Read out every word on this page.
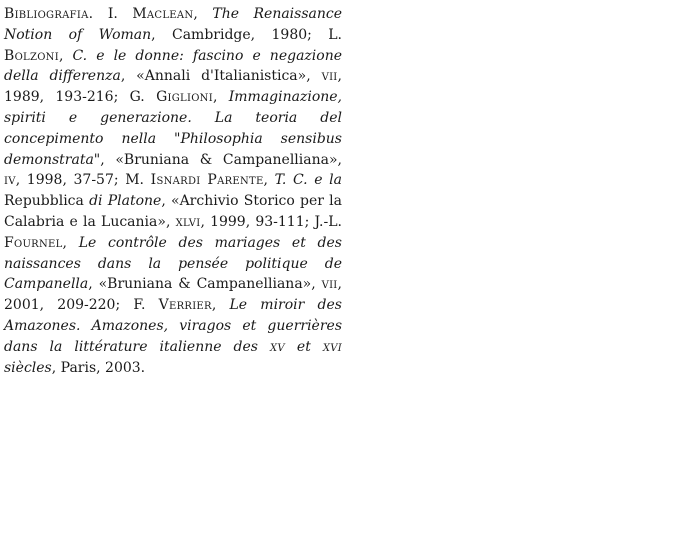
Bibliografia. I. Maclean, The Renaissance Notion of Woman, Cambridge, 1980; L. Bolzoni, C. e le donne: fascino e negazione della differenza, «Annali d'Italianistica», vii, 1989, 193-216; G. Giglioni, Immaginazione, spiriti e generazione. La teoria del concepimento nella "Philosophia sensibus demonstrata", «Bruniana & Campanelliana», iv, 1998, 37-57; M. Isnardi Parente, T. C. e la Repubblica di Platone, «Archivio Storico per la Calabria e la Lucania», xlvi, 1999, 93-111; J.-L. Fournel, Le contrôle des mariages et des naissances dans la pensée politique de Campanella, «Bruniana & Campanelliana», vii, 2001, 209-220; F. Verrier, Le miroir des Amazones. Amazones, viragos et guerrières dans la littérature italienne des xv et xvi siècles, Paris, 2003.
